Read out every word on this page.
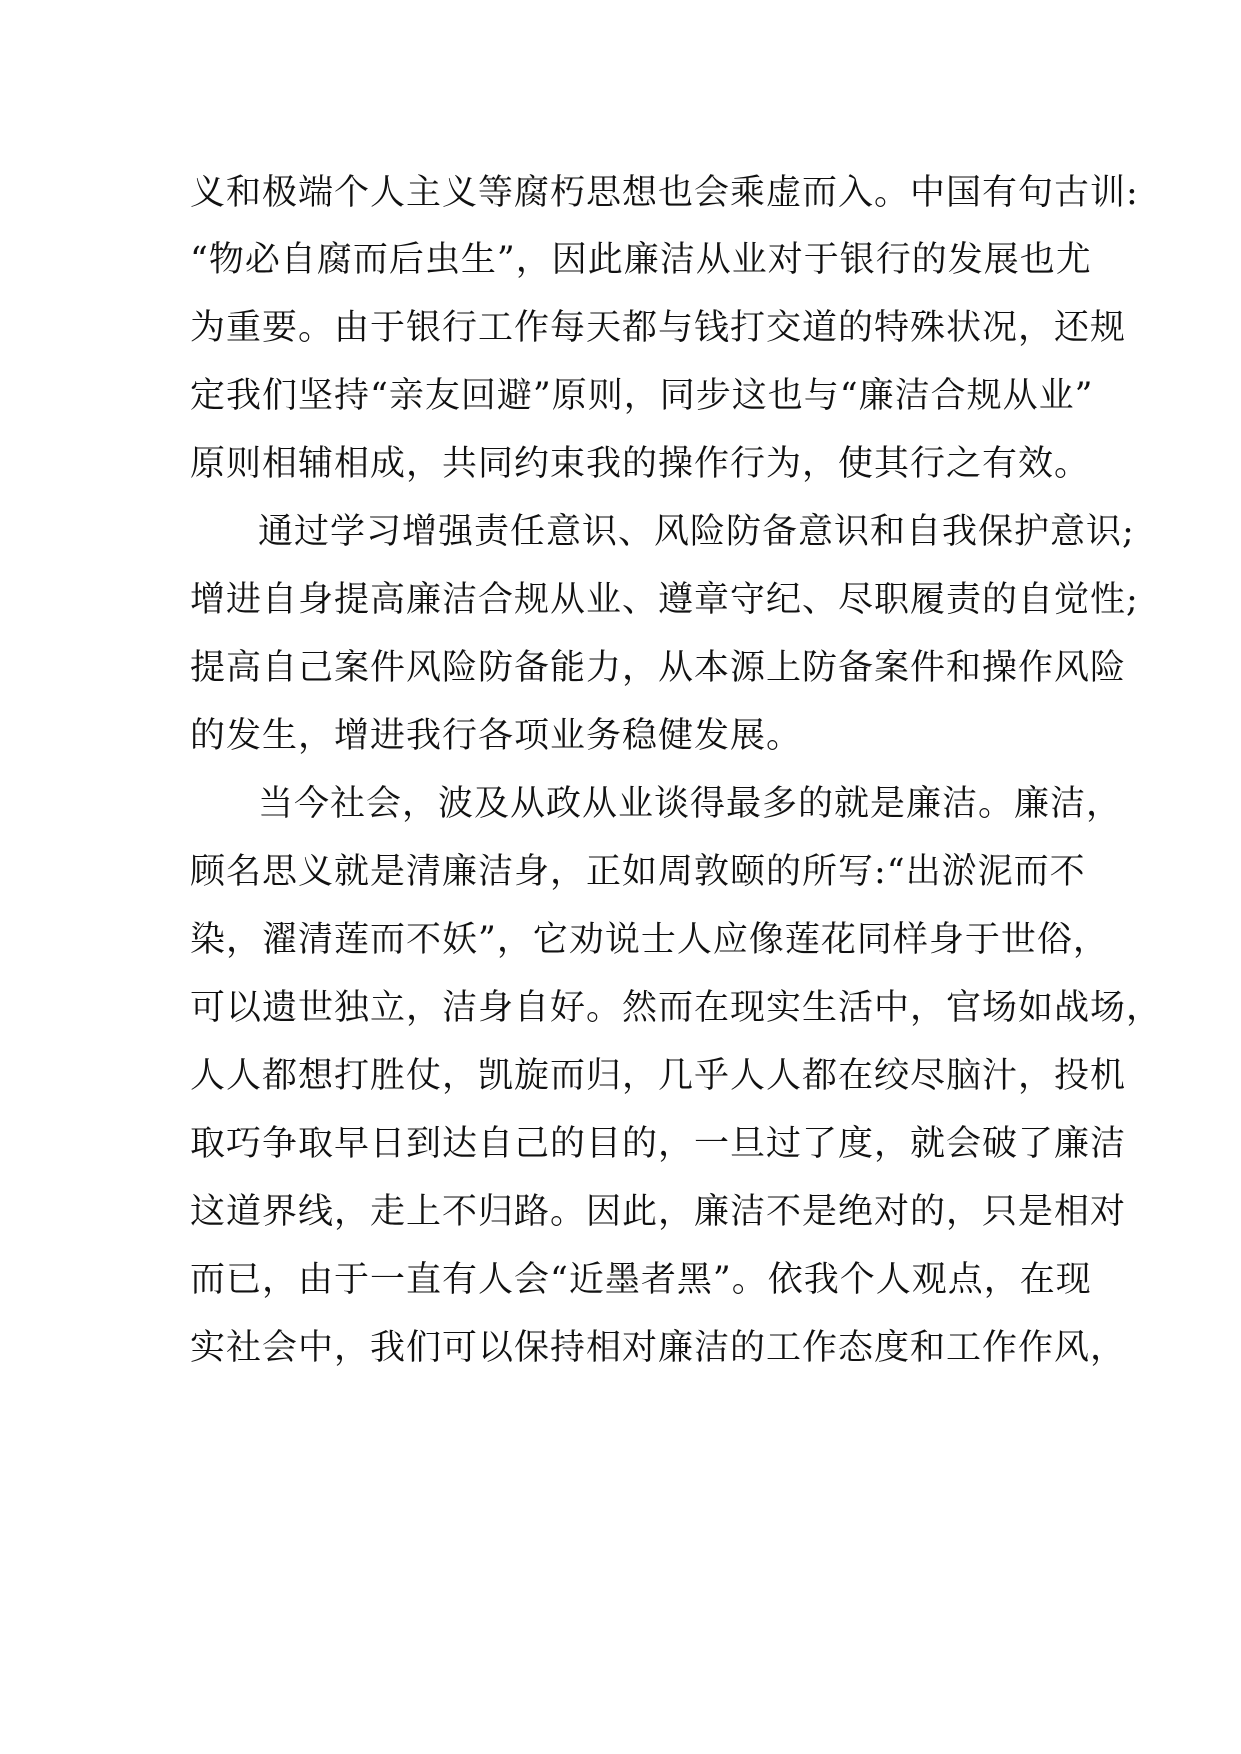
义和极端个人主义等腐朽思想也会乘虚而入。中国有句古训:
“物必自腐而后虫生”，因此廉洁从业对于银行的发展也尤
为重要。由于银行工作每天都与钱打交道的特殊状况，还规
定我们坚持“亲友回避”原则，同步这也与“廉洁合规从业”
原则相辅相成，共同约束我的操作行为，使其行之有效。
通过学习增强责任意识、风险防备意识和自我保护意识;
增进自身提高廉洁合规从业、遵章守纪、尽职履责的自觉性;
提高自己案件风险防备能力，从本源上防备案件和操作风险
的发生，增进我行各项业务稳健发展。
当今社会，波及从政从业谈得最多的就是廉洁。廉洁，
顾名思义就是清廉洁身，正如周敦颐的所写:“出淤泥而不
染，濯清莲而不妖”，它劝说士人应像莲花同样身于世俗，
可以遗世独立，洁身自好。然而在现实生活中，官场如战场，
人人都想打胜仗，凯旋而归，几乎人人都在绞尽脑汁，投机
取巧争取早日到达自己的目的，一旦过了度，就会破了廉洁
这道界线，走上不归路。因此，廉洁不是绝对的，只是相对
而已，由于一直有人会“近墨者黑”。依我个人观点，在现
实社会中，我们可以保持相对廉洁的工作态度和工作作风，
